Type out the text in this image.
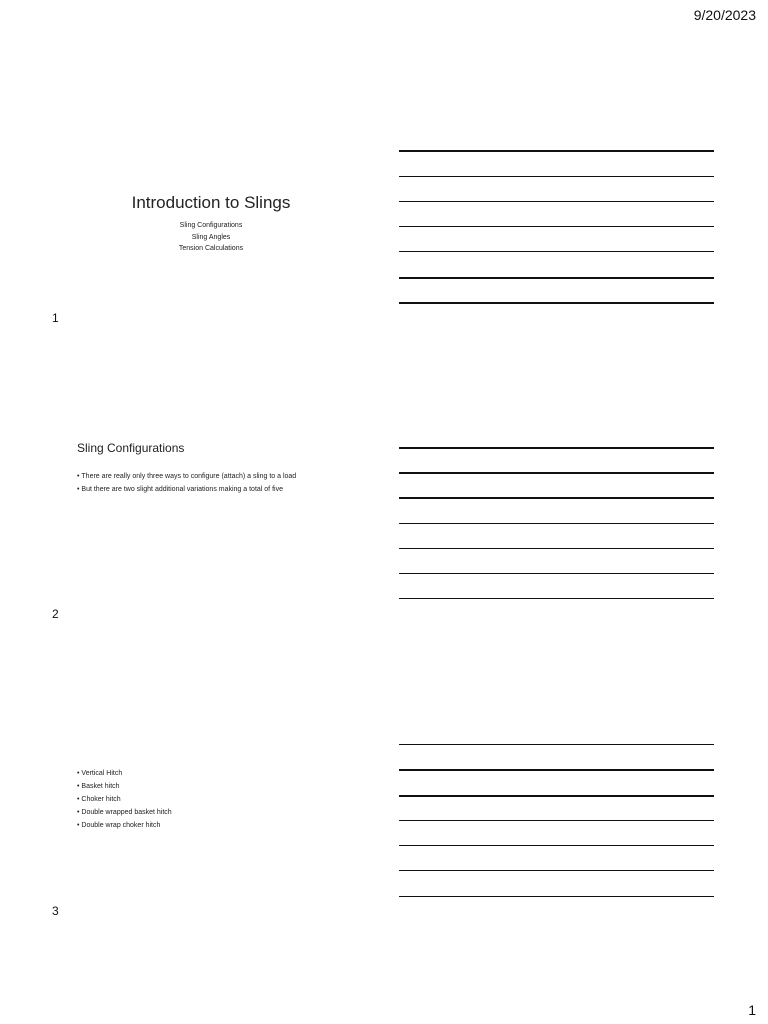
9/20/2023
Introduction to Slings
Sling Configurations
Sling Angles
Tension Calculations
1
Sling Configurations
• There are really only three ways to configure (attach) a sling to a load
• But there are two slight additional variations making a total of five
2
• Vertical Hitch
• Basket hitch
• Choker hitch
• Double wrapped basket hitch
• Double wrap choker hitch
3
1
